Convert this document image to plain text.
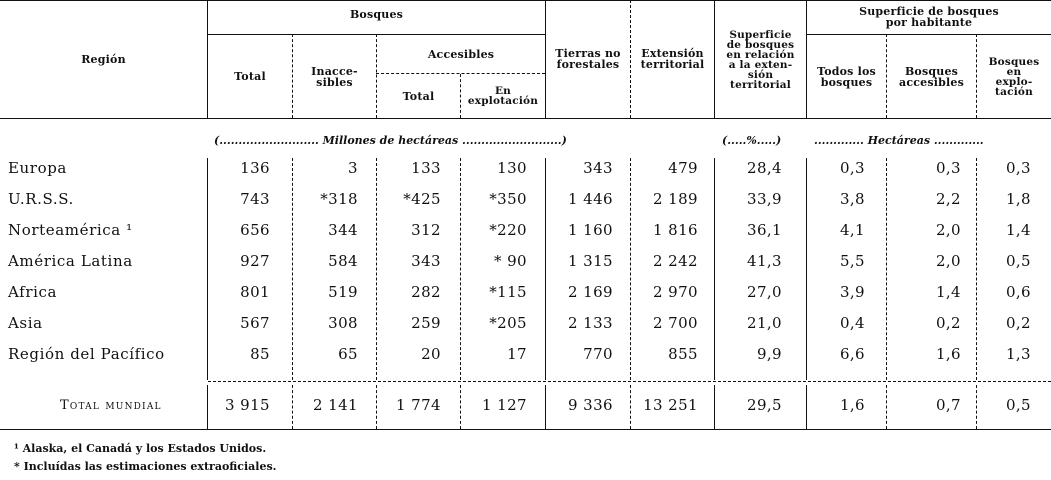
Región
Bosques
Total	Inacce-
sibles
Accesibles
Total	En
explotación
Tierras no
forestales
Extensión
territorial
Superficie
de bosques
en relación
a la exten-
sión
territorial
Superficie de bosques
por habitante
Todos los
bosques
Bosques
accesibles
Bosques
en
explo-
tación
(.......................... Millones de hectáreas ..........................)	(.....%.....)	............. Hectáreas .............
Europa	136	3	133	130	343	479	28,4	0,3	0,3	0,3
U.R.S.S.	743	*318	*425	*350	1 446	2 189	33,9	3,8	2,2	1,8
Norteamérica ¹	656	344	312	*220	1 160	1 816	36,1	4,1	2,0	1,4
América Latina	927	584	343	* 90	1 315	2 242	41,3	5,5	2,0	0,5
Africa	801	519	282	*115	2 169	2 970	27,0	3,9	1,4	0,6
Asia	567	308	259	*205	2 133	2 700	21,0	0,4	0,2	0,2
Región del Pacífico	85	65	20	17	770	855	9,9	6,6	1,6	1,3
Total mundial	3 915	2 141	1 774	1 127	9 336	13 251	29,5	1,6	0,7	0,5
¹ Alaska, el Canadá y los Estados Unidos.
* Incluídas las estimaciones extraoficiales.
